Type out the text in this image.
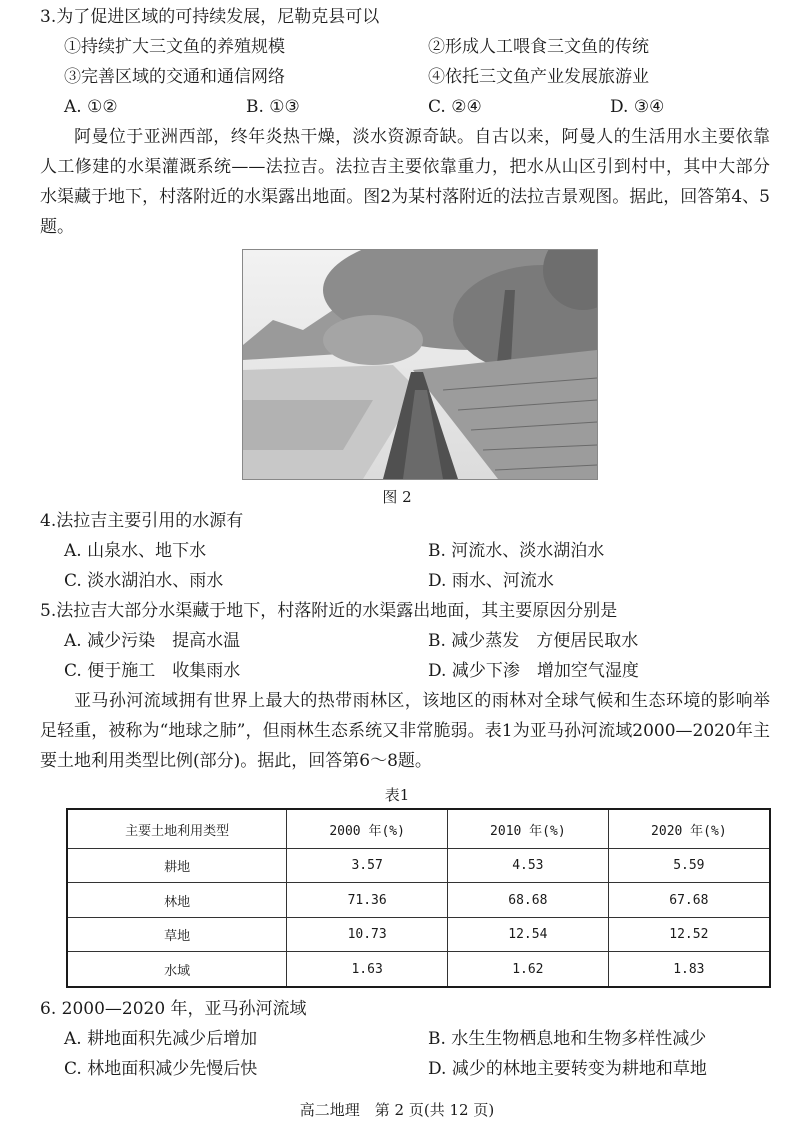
3.为了促进区域的可持续发展，尼勒克县可以
①持续扩大三文鱼的养殖规模	②形成人工喂食三文鱼的传统
③完善区域的交通和通信网络	④依托三文鱼产业发展旅游业
A. ①②	B. ①③	C. ②④	D. ③④
阿曼位于亚洲西部，终年炎热干燥，淡水资源奇缺。自古以来，阿曼人的生活用水主要依靠人工修建的水渠灌溉系统——法拉吉。法拉吉主要依靠重力，把水从山区引到村中，其中大部分水渠藏于地下，村落附近的水渠露出地面。图2为某村落附近的法拉吉景观图。据此，回答第4、5题。
图 2
4.法拉吉主要引用的水源有
A. 山泉水、地下水	B. 河流水、淡水湖泊水
C. 淡水湖泊水、雨水	D. 雨水、河流水
5.法拉吉大部分水渠藏于地下，村落附近的水渠露出地面，其主要原因分别是
A. 减少污染　提高水温	B. 减少蒸发　方便居民取水
C. 便于施工　收集雨水	D. 减少下渗　增加空气湿度
亚马孙河流域拥有世界上最大的热带雨林区，该地区的雨林对全球气候和生态环境的影响举足轻重，被称为“地球之肺”，但雨林生态系统又非常脆弱。表1为亚马孙河流域2000—2020年主要土地利用类型比例(部分)。据此，回答第6～8题。
表1
主要土地利用类型	2000 年(%)	2010 年(%)	2020 年(%)
耕地	3.57	4.53	5.59
林地	71.36	68.68	67.68
草地	10.73	12.54	12.52
水域	1.63	1.62	1.83
6. 2000—2020 年，亚马孙河流域
A. 耕地面积先减少后增加	B. 水生生物栖息地和生物多样性减少
C. 林地面积减少先慢后快	D. 减少的林地主要转变为耕地和草地
高二地理　第 2 页(共 12 页)
